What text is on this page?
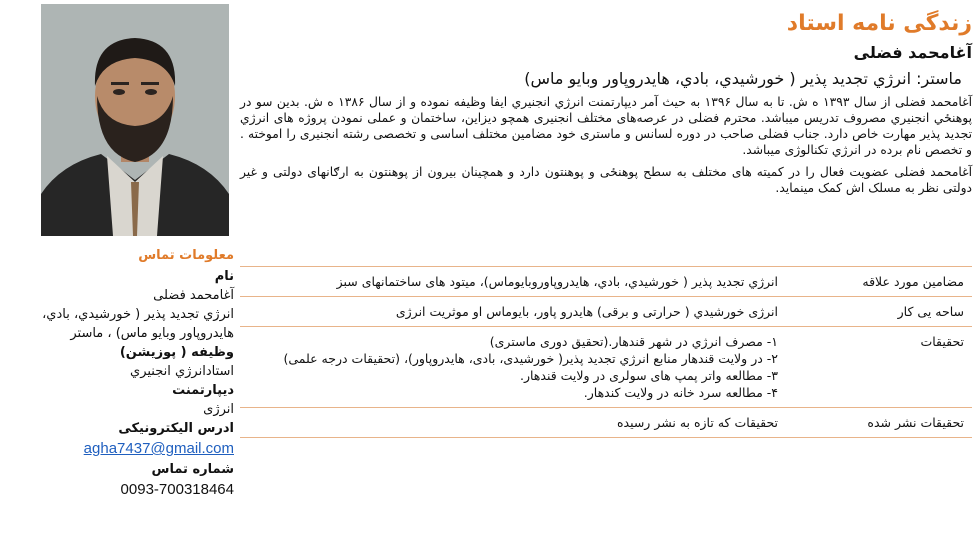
معلومات تماس
نام
آغامحمد فضلی
انرژي تجديد پذير ( خورشيدي، بادي، هايدروپاور وبايو ماس) ، ماستر
وظیفه ( پوزیشن)
استادانرژي انجنيري
دیپارتمنت
انرژی
ادرس الیکترونیکی
agha7437@gmail.com
شماره تماس
0093-700318464
زندگی نامه استاد
آغامحمد فضلی
ماستر: انرژي تجديد پذير ( خورشيدي، بادي، هايدروپاور وبايو ماس)
آغامحمد فضلی از سال ۱۳۹۳ ه ش. تا به سال ۱۳۹۶ به حیث آمر دیپارتمنت انرژي انجنیري ایفا وظیفه نموده و از سال ۱۳۸۶ ه ش. بدین سو در پوهنځي انجنیري مصروف تدریس میباشد. محترم فضلی در عرصه‌های مختلف انجنیری همچو دیزاین، ساختمان و عملی نمودن پروژه های انرژي تجدید پذیر مهارت خاص دارد. جناب فضلی صاحب در دوره لسانس و ماستری خود مضامین مختلف اساسی و تخصصی رشته انجنیری را اموخته . و تخصص نام برده در انرژي تکنالوژی میباشد.
آغامحمد فضلی عضویت فعال را در کمیته های مختلف به سطح پوهنځی و پوهنتون دارد و همچینان بیرون از پوهنتون به ارګانهای دولتی و غیر دولتی نظر به مسلک اش کمک مینماید.
مضامین مورد علاقه	انرژي تجديد پذير ( خورشيدي، بادي، هايدروپاوروبايوماس)، ميتود های ساختمانهای سبز

ساحه یی کار	انرژی خورشیدي ( حرارتی و برقی) هایدرو پاور، بایوماس او موثریت انرژی

تحقیقات	۱- مصرف انرژي در شهر قندهار.(تحقيق دوری ماستری)
۲- در ولایت قندهار منابع انرژي تجدید پذیر( خورشیدی، بادی، هایدروپاور)، (تحقیقات درجه علمی)
۳- مطالعه واتر پمپ های سولری در ولایت قندهار.
۴- مطالعه سرد خانه در ولایت کندهار.

تحقیقات نشر شده	تحقیقات که تازه به نشر رسیده
